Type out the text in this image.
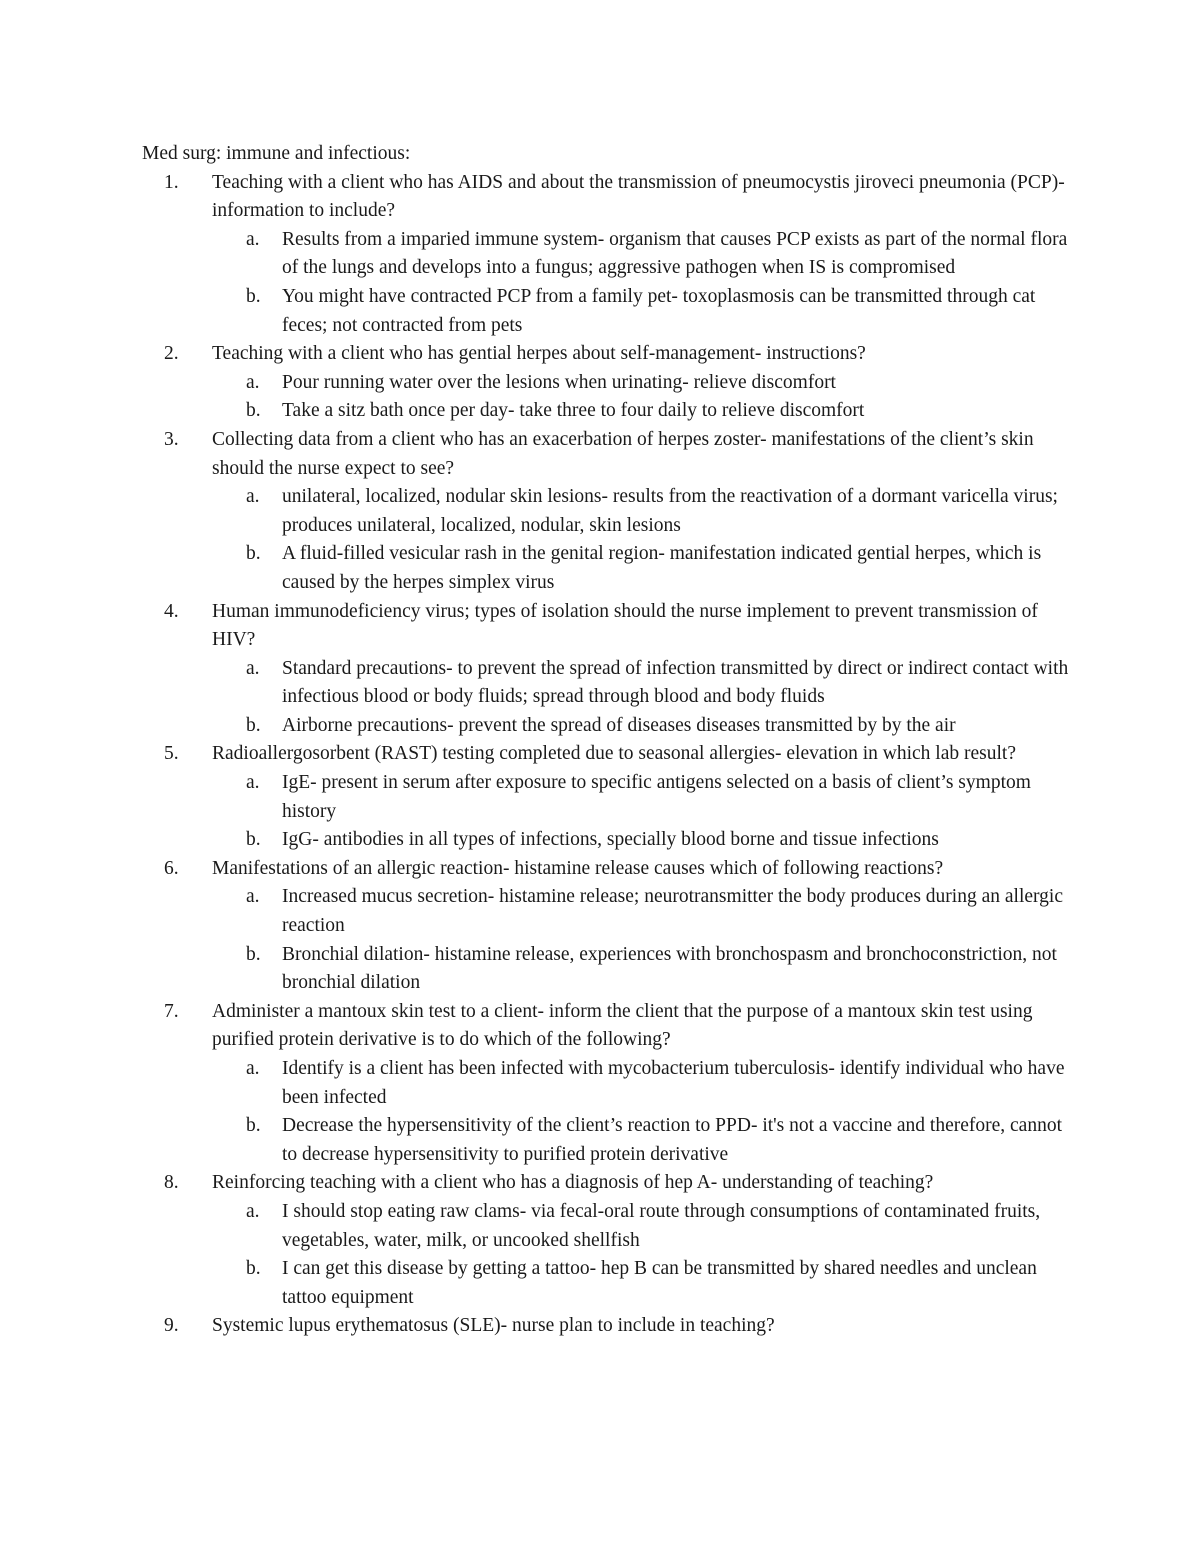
Med surg: immune and infectious:

1.	Teaching with a client who has AIDS and about the transmission of pneumocystis jiroveci pneumonia (PCP)- information to include?
a. Results from a imparied immune system- organism that causes PCP exists as part of the normal flora of the lungs and develops into a fungus; aggressive pathogen when IS is compromised
b. You might have contracted PCP from a family pet- toxoplasmosis can be transmitted through cat feces; not contracted from pets
2.	Teaching with a client who has gential herpes about self-management- instructions?
a. Pour running water over the lesions when urinating- relieve discomfort
b. Take a sitz bath once per day- take three to four daily to relieve discomfort
3.	Collecting data from a client who has an exacerbation of herpes zoster- manifestations of the client’s skin should the nurse expect to see?
a. unilateral, localized, nodular skin lesions- results from the reactivation of a dormant varicella virus; produces unilateral, localized, nodular, skin lesions
b. A fluid-filled vesicular rash in the genital region- manifestation indicated gential herpes, which is caused by the herpes simplex virus
4.	Human immunodeficiency virus; types of isolation should the nurse implement to prevent transmission of HIV?
a. Standard precautions- to prevent the spread of infection transmitted by direct or indirect contact with infectious blood or body fluids; spread through blood and body fluids
b. Airborne precautions- prevent the spread of diseases diseases transmitted by by the air
5.	Radioallergosorbent (RAST) testing completed due to seasonal allergies- elevation in which lab result?
a. IgE- present in serum after exposure to specific antigens selected on a basis of client’s symptom history
b. IgG- antibodies in all types of infections, specially blood borne and tissue infections
6.	Manifestations of an allergic reaction- histamine release causes which of following reactions?
a. Increased mucus secretion- histamine release; neurotransmitter the body produces during an allergic reaction
b. Bronchial dilation- histamine release, experiences with bronchospasm and bronchoconstriction, not bronchial dilation
7.	Administer a mantoux skin test to a client- inform the client that the purpose of a mantoux skin test using purified protein derivative is to do which of the following?
a. Identify is a client has been infected with mycobacterium tuberculosis- identify individual who have been infected
b. Decrease the hypersensitivity of the client’s reaction to PPD- it's not a vaccine and therefore, cannot to decrease hypersensitivity to purified protein derivative
8.	Reinforcing teaching with a client who has a diagnosis of hep A- understanding of teaching?
a. I should stop eating raw clams- via fecal-oral route through consumptions of contaminated fruits, vegetables, water, milk, or uncooked shellfish
b. I can get this disease by getting a tattoo- hep B can be transmitted by shared needles and unclean tattoo equipment
9.	Systemic lupus erythematosus (SLE)- nurse plan to include in teaching?
